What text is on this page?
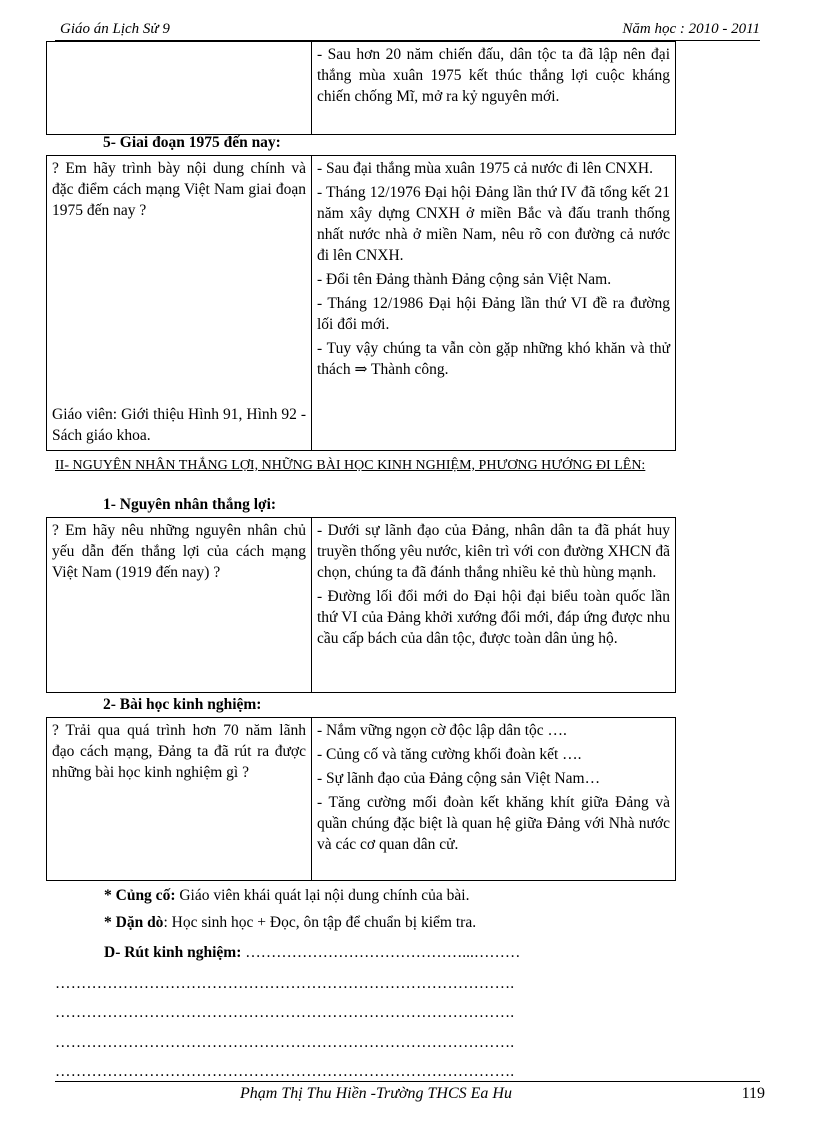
Giáo án Lịch Sử 9	Năm học : 2010 - 2011

- Sau hơn 20 năm chiến đấu, dân tộc ta đã lập nên đại thắng mùa xuân 1975 kết thúc thắng lợi cuộc kháng chiến chống Mĩ, mở ra kỷ nguyên mới.
5- Giai đoạn 1975 đến nay:
? Em hãy trình bày nội dung chính và đặc điểm cách mạng Việt Nam giai đoạn 1975 đến nay ?
Giáo viên: Giới thiệu Hình 91, Hình 92 - Sách giáo khoa.

- Sau đại thắng mùa xuân 1975 cả nước đi lên CNXH.
- Tháng 12/1976 Đại hội Đảng lần thứ IV đã tổng kết 21 năm xây dựng CNXH ở miền Bắc và đấu tranh thống nhất nước nhà ở miền Nam, nêu rõ con đường cả nước đi lên CNXH.
- Đổi tên Đảng thành Đảng cộng sản Việt Nam.
- Tháng 12/1986 Đại hội Đảng lần thứ VI đề ra đường lối đổi mới.
- Tuy vậy chúng ta vẫn còn gặp những khó khăn và thử thách ⇒ Thành công.
II- NGUYÊN NHÂN THẮNG LỢI, NHỮNG BÀI HỌC KINH NGHIỆM, PHƯƠNG HƯỚNG ĐI LÊN:
1- Nguyên nhân thắng lợi:
? Em hãy nêu những nguyên nhân chủ yếu dẫn đến thắng lợi của cách mạng Việt Nam (1919 đến nay) ?

- Dưới sự lãnh đạo của Đảng, nhân dân ta đã phát huy truyền thống yêu nước, kiên trì với con đường XHCN đã chọn, chúng ta đã đánh thắng nhiều kẻ thù hùng mạnh.
- Đường lối đổi mới do Đại hội đại biểu toàn quốc lần thứ VI của Đảng khởi xướng đổi mới, đáp ứng được nhu cầu cấp bách của dân tộc, được toàn dân ủng hộ.
2- Bài học kinh nghiệm:
? Trải qua quá trình hơn 70 năm lãnh đạo cách mạng, Đảng ta đã rút ra được những bài học kinh nghiệm gì ?

- Nắm vững ngọn cờ độc lập dân tộc ….
- Củng cố và tăng cường khối đoàn kết ….
- Sự lãnh đạo của Đảng cộng sản Việt Nam…
- Tăng cường mối đoàn kết khăng khít giữa Đảng và quần chúng đặc biệt là quan hệ giữa Đảng với Nhà nước và các cơ quan dân cử.
* Củng cố: Giáo viên khái quát lại nội dung chính của bài.
* Dặn dò: Học sinh học + Đọc, ôn tập để chuẩn bị kiểm tra.
D- Rút kinh nghiệm: ……………………………………...………
…………………………………………………………………………….
…………………………………………………………………………….
…………………………………………………………………………….
…………………………………………………………………………….
Phạm Thị Thu Hiền -Trường THCS Ea Hu	119
